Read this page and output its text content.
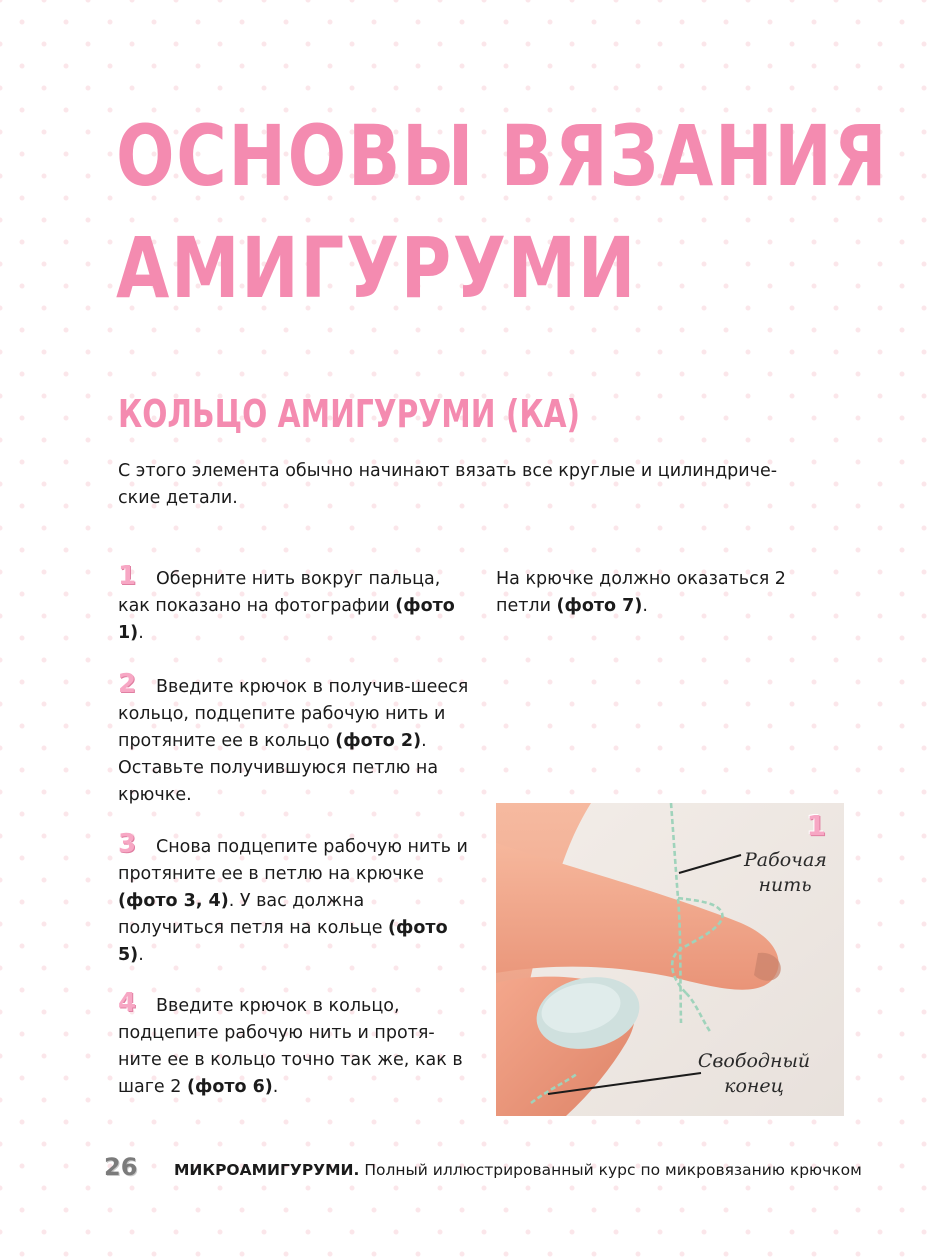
ОСНОВЫ ВЯЗАНИЯ
АМИГУРУМИ
КОЛЬЦО АМИГУРУМИ (КА)

С этого элемента обычно начинают вязать все круглые и цилиндриче-
ские детали.

1 Оберните нить вокруг пальца, как показано на фотографии (фото 1).

2 Введите крючок в получив-шееся кольцо, подцепите рабочую нить и протяните ее в кольцо (фото 2). Оставьте получившуюся петлю на крючке.

3 Снова подцепите рабочую нить и протяните ее в петлю на крючке (фото 3, 4). У вас должна получиться петля на кольце (фото 5).

4 Введите крючок в кольцо, подцепите рабочую нить и протя-ните ее в кольцо точно так же, как в шаге 2 (фото 6).

На крючке должно оказаться 2 петли (фото 7).

1
Рабочая
нить
Свободный
конец
26 МИКРОАМИГУРУМИ. Полный иллюстрированный курс по микровязанию крючком
